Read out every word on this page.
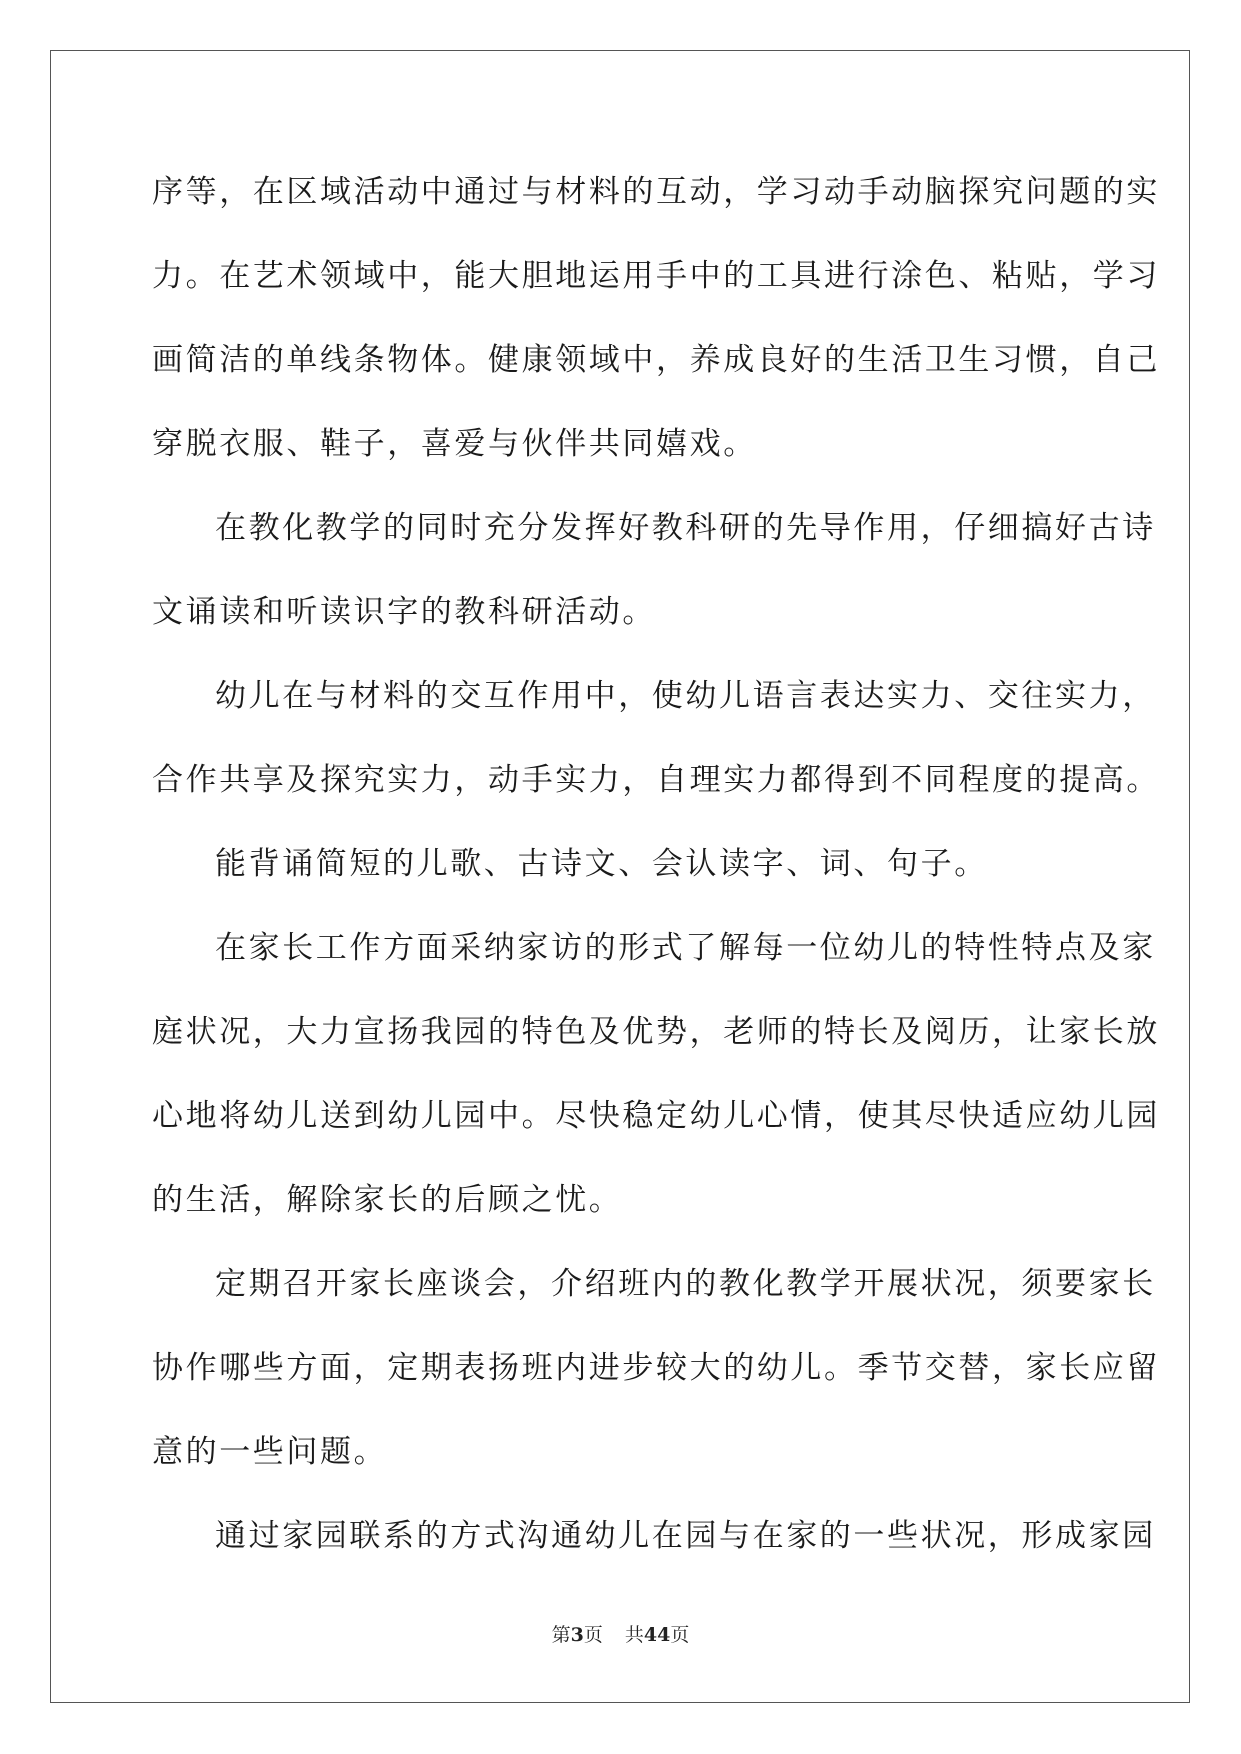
序等，在区域活动中通过与材料的互动，学习动手动脑探究问题的实
力。在艺术领域中，能大胆地运用手中的工具进行涂色、粘贴，学习
画简洁的单线条物体。健康领域中，养成良好的生活卫生习惯，自己
穿脱衣服、鞋子，喜爱与伙伴共同嬉戏。
在教化教学的同时充分发挥好教科研的先导作用，仔细搞好古诗
文诵读和听读识字的教科研活动。
幼儿在与材料的交互作用中，使幼儿语言表达实力、交往实力，
合作共享及探究实力，动手实力，自理实力都得到不同程度的提高。
能背诵简短的儿歌、古诗文、会认读字、词、句子。
在家长工作方面采纳家访的形式了解每一位幼儿的特性特点及家
庭状况，大力宣扬我园的特色及优势，老师的特长及阅历，让家长放
心地将幼儿送到幼儿园中。尽快稳定幼儿心情，使其尽快适应幼儿园
的生活，解除家长的后顾之忧。
定期召开家长座谈会，介绍班内的教化教学开展状况，须要家长
协作哪些方面，定期表扬班内进步较大的幼儿。季节交替，家长应留
意的一些问题。
通过家园联系的方式沟通幼儿在园与在家的一些状况，形成家园
第3页 共44页
